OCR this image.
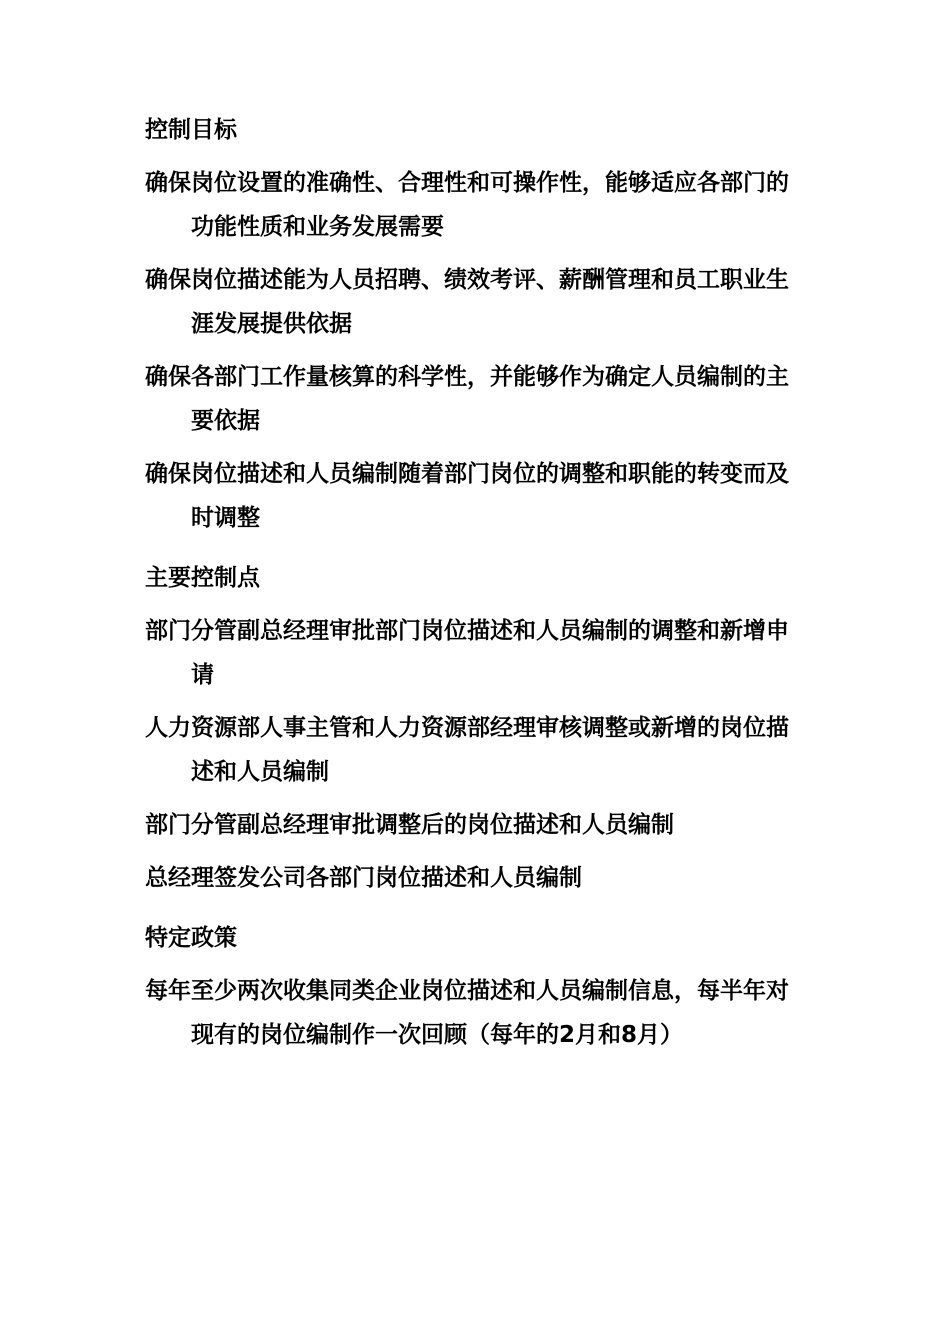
控制目标

确保岗位设置的准确性、合理性和可操作性，能够适应各部门的功能性质和业务发展需要

确保岗位描述能为人员招聘、绩效考评、薪酬管理和员工职业生涯发展提供依据

确保各部门工作量核算的科学性，并能够作为确定人员编制的主要依据

确保岗位描述和人员编制随着部门岗位的调整和职能的转变而及时调整

主要控制点

部门分管副总经理审批部门岗位描述和人员编制的调整和新增申请

人力资源部人事主管和人力资源部经理审核调整或新增的岗位描述和人员编制

部门分管副总经理审批调整后的岗位描述和人员编制

总经理签发公司各部门岗位描述和人员编制

特定政策

每年至少两次收集同类企业岗位描述和人员编制信息，每半年对现有的岗位编制作一次回顾（每年的2月和8月）
